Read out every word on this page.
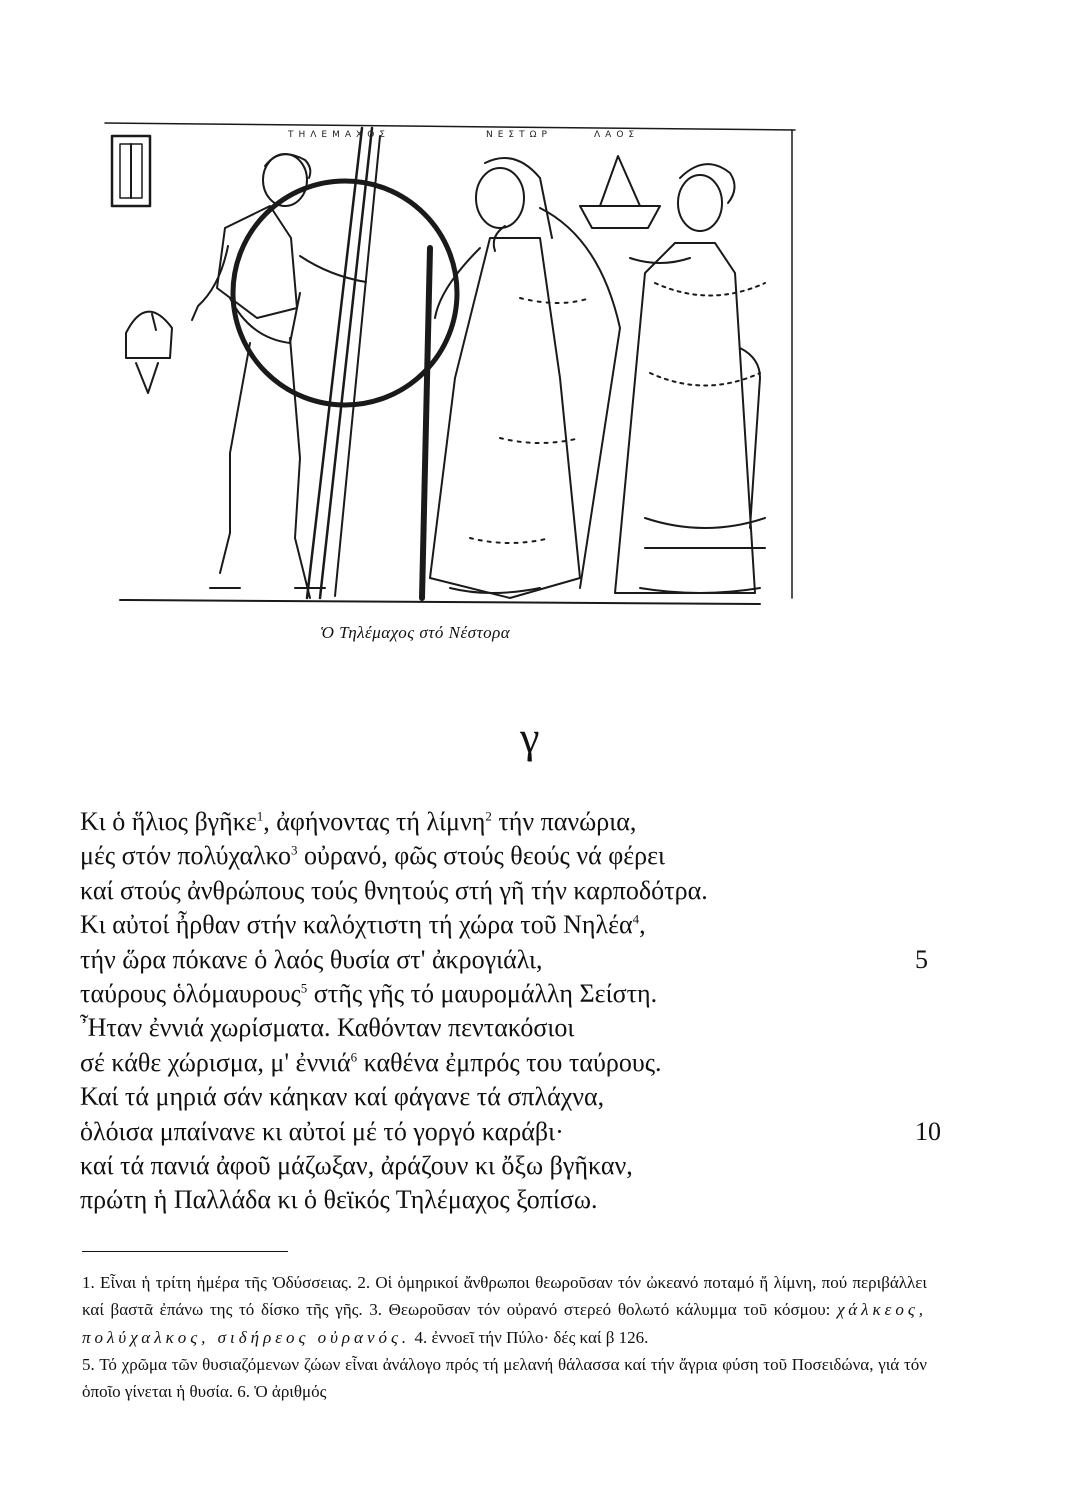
ΤΗΛΕΜΑΧΟΣ	ΝΕΣΤΩΡ	ΛΑΟΣ
Ὁ Τηλέμαχος στό Νέστορα
γ
Κι ὁ ἥλιος βγῆκε$^1$, ἀφήνοντας τή λίμνη$^2$ τήν πανώρια,
μές στόν πολύχαλκο$^3$ οὐρανό, φῶς στούς θεούς νά φέρει
καί στούς ἀνθρώπους τούς θνητούς στή γῆ τήν καρποδότρα.
Κι αὐτοί ἦρθαν στήν καλόχτιστη τή χώρα τοῦ Νηλέα$^4$,
τήν ὥρα πόκανε ὁ λαός θυσία στ' ἀκρογιάλι,	5
ταύρους ὁλόμαυρους$^5$ στῆς γῆς τό μαυρομάλλη Σείστη.
Ἦταν ἐννιά χωρίσματα. Καθόνταν πεντακόσιοι
σέ κάθε χώρισμα, μ' ἐννιά$^6$ καθένα ἐμπρός του ταύρους.
Καί τά μηριά σάν κάηκαν καί φάγανε τά σπλάχνα,
ὁλόισα μπαίνανε κι αὐτοί μέ τό γοργό καράβι·	10
καί τά πανιά ἀφοῦ μάζωξαν, ἀράζουν κι ὄξω βγῆκαν,
πρώτη ἡ Παλλάδα κι ὁ θεϊκός Τηλέμαχος ξοπίσω.

1. Εἶναι ἡ τρίτη ἡμέρα τῆς Ὀδύσσειας. 2. Οἱ ὁμηρικοί ἄνθρωποι θεωροῦσαν τόν ὠκεανό ποταμό ἤ λίμνη, πού περιβάλλει καί βαστᾶ ἐπάνω της τό δίσκο τῆς γῆς. 3. Θεωροῦσαν τόν οὐρανό στερεό θολωτό κάλυμμα τοῦ κόσμου: χάλκεος, πολύχαλκος, σιδήρεος οὐρανός. 4. ἐννοεῖ τήν Πύλο· δές καί β 126.

5. Τό χρῶμα τῶν θυσιαζόμενων ζώων εἶναι ἀνάλογο πρός τή μελανή θάλασσα καί τήν ἄγρια φύση τοῦ Ποσειδώνα, γιά τόν ὁποῖο γίνεται ἡ θυσία. 6. Ὁ ἀριθμός
